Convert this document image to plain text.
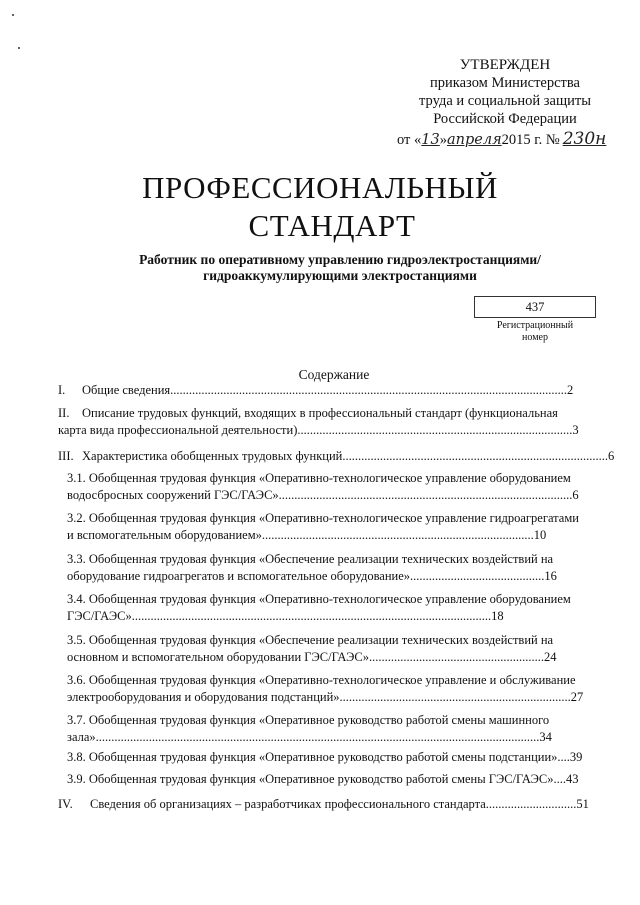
УТВЕРЖДЕН
приказом Министерства
труда и социальной защиты
Российской Федерации
от «13»апреля2015 г. № 230н
ПРОФЕССИОНАЛЬНЫЙ
СТАНДАРТ
Работник по оперативному управлению гидроэлектростанциями/
гидроаккумулирующими электростанциями
437
Регистрационный
номер
Содержание
I. Общие сведения...............................................................................................................................2
II. Описание трудовых функций, входящих в профессиональный стандарт (функциональная
карта вида профессиональной деятельности)........................................................................................3
III. Характеристика обобщенных трудовых функций.....................................................................................6
3.1. Обобщенная трудовая функция «Оперативно-технологическое управление оборудованием
водосбросных сооружений ГЭС/ГАЭС»..............................................................................................6
3.2. Обобщенная трудовая функция «Оперативно-технологическое управление гидроагрегатами
и вспомогательным оборудованием».......................................................................................10
3.3. Обобщенная трудовая функция «Обеспечение реализации технических воздействий на
оборудование гидроагрегатов и вспомогательное оборудование»...........................................16
3.4. Обобщенная трудовая функция «Оперативно-технологическое управление оборудованием
ГЭС/ГАЭС»...................................................................................................................18
3.5. Обобщенная трудовая функция «Обеспечение реализации технических воздействий на
основном и вспомогательном оборудовании ГЭС/ГАЭС»........................................................24
3.6. Обобщенная трудовая функция «Оперативно-технологическое управление и обслуживание
электрооборудования и оборудования подстанций»..........................................................................27
3.7. Обобщенная трудовая функция «Оперативное руководство работой смены машинного
зала»..............................................................................................................................................34
3.8. Обобщенная трудовая функция «Оперативное руководство работой смены подстанции»....39
3.9. Обобщенная трудовая функция «Оперативное руководство работой смены ГЭС/ГАЭС»....43
IV. Сведения об организациях – разработчиках профессионального стандарта.............................51
